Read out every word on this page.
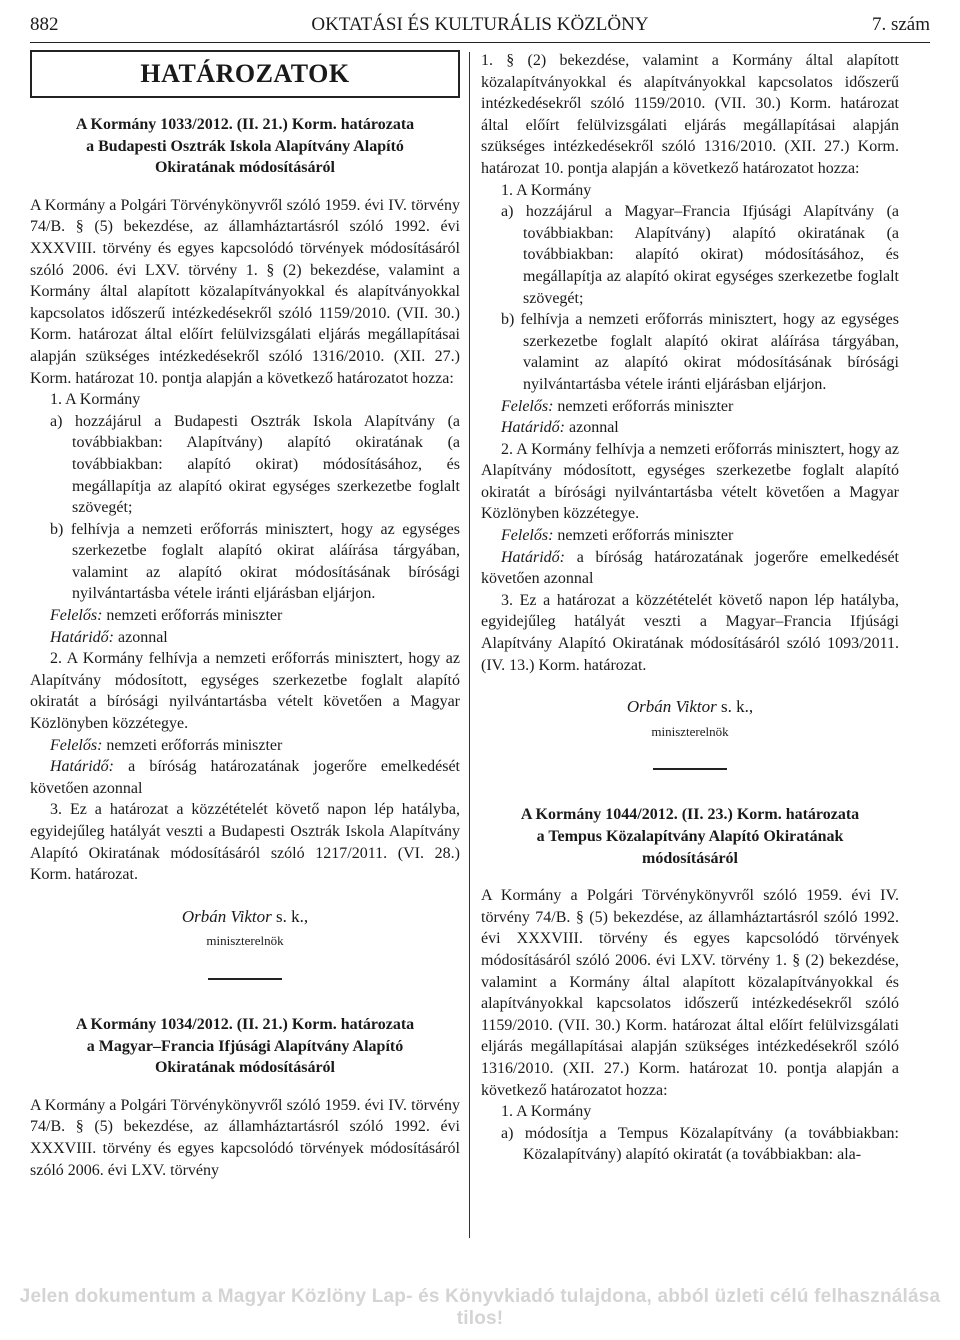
882	OKTATÁSI ÉS KULTURÁLIS KÖZLÖNY	7. szám
HATÁROZATOK
A Kormány 1033/2012. (II. 21.) Korm. határozata
a Budapesti Osztrák Iskola Alapítvány Alapító
Okiratának módosításáról

A Kormány a Polgári Törvénykönyvről szóló 1959. évi IV. törvény 74/B. § (5) bekezdése, az államháztartásról szóló 1992. évi XXXVIII. törvény és egyes kapcsolódó törvények módosításáról szóló 2006. évi LXV. törvény 1. § (2) bekezdése, valamint a Kormány által alapított közalapítványokkal és alapítványokkal kapcsolatos időszerű intézkedésekről szóló 1159/2010. (VII. 30.) Korm. határozat által előírt felülvizsgálati eljárás megállapításai alapján szükséges intézkedésekről szóló 1316/2010. (XII. 27.) Korm. határozat 10. pontja alapján a következő határozatot hozza:

1. A Kormány

a) hozzájárul a Budapesti Osztrák Iskola Alapítvány (a továbbiakban: Alapítvány) alapító okiratának (a továbbiakban: alapító okirat) módosításához, és megállapítja az alapító okirat egységes szerkezetbe foglalt szövegét;

b) felhívja a nemzeti erőforrás minisztert, hogy az egységes szerkezetbe foglalt alapító okirat aláírása tárgyában, valamint az alapító okirat módosításának bírósági nyilvántartásba vétele iránti eljárásban eljárjon.

Felelős: nemzeti erőforrás miniszter

Határidő: azonnal

2. A Kormány felhívja a nemzeti erőforrás minisztert, hogy az Alapítvány módosított, egységes szerkezetbe foglalt alapító okiratát a bírósági nyilvántartásba vételt követően a Magyar Közlönyben közzétegye.

Felelős: nemzeti erőforrás miniszter

Határidő: a bíróság határozatának jogerőre emelkedését követően azonnal

3. Ez a határozat a közzétételét követő napon lép hatályba, egyidejűleg hatályát veszti a Budapesti Osztrák Iskola Alapítvány Alapító Okiratának módosításáról szóló 1217/2011. (VI. 28.) Korm. határozat.

Orbán Viktor s. k.,
miniszterelnök
A Kormány 1034/2012. (II. 21.) Korm. határozata
a Magyar–Francia Ifjúsági Alapítvány Alapító
Okiratának módosításáról

A Kormány a Polgári Törvénykönyvről szóló 1959. évi IV. törvény 74/B. § (5) bekezdése, az államháztartásról szóló 1992. évi XXXVIII. törvény és egyes kapcsolódó törvények módosításáról szóló 2006. évi LXV. törvény

1. § (2) bekezdése, valamint a Kormány által alapított közalapítványokkal és alapítványokkal kapcsolatos időszerű intézkedésekről szóló 1159/2010. (VII. 30.) Korm. határozat által előírt felülvizsgálati eljárás megállapításai alapján szükséges intézkedésekről szóló 1316/2010. (XII. 27.) Korm. határozat 10. pontja alapján a következő határozatot hozza:

1. A Kormány

a) hozzájárul a Magyar–Francia Ifjúsági Alapítvány (a továbbiakban: Alapítvány) alapító okiratának (a továbbiakban: alapító okirat) módosításához, és megállapítja az alapító okirat egységes szerkezetbe foglalt szövegét;

b) felhívja a nemzeti erőforrás minisztert, hogy az egységes szerkezetbe foglalt alapító okirat aláírása tárgyában, valamint az alapító okirat módosításának bírósági nyilvántartásba vétele iránti eljárásban eljárjon.

Felelős: nemzeti erőforrás miniszter

Határidő: azonnal

2. A Kormány felhívja a nemzeti erőforrás minisztert, hogy az Alapítvány módosított, egységes szerkezetbe foglalt alapító okiratát a bírósági nyilvántartásba vételt követően a Magyar Közlönyben közzétegye.

Felelős: nemzeti erőforrás miniszter

Határidő: a bíróság határozatának jogerőre emelkedését követően azonnal

3. Ez a határozat a közzétételét követő napon lép hatályba, egyidejűleg hatályát veszti a Magyar–Francia Ifjúsági Alapítvány Alapító Okiratának módosításáról szóló 1093/2011. (IV. 13.) Korm. határozat.

Orbán Viktor s. k.,
miniszterelnök
A Kormány 1044/2012. (II. 23.) Korm. határozata
a Tempus Közalapítvány Alapító Okiratának
módosításáról

A Kormány a Polgári Törvénykönyvről szóló 1959. évi IV. törvény 74/B. § (5) bekezdése, az államháztartásról szóló 1992. évi XXXVIII. törvény és egyes kapcsolódó törvények módosításáról szóló 2006. évi LXV. törvény 1. § (2) bekezdése, valamint a Kormány által alapított közalapítványokkal és alapítványokkal kapcsolatos időszerű intézkedésekről szóló 1159/2010. (VII. 30.) Korm. határozat által előírt felülvizsgálati eljárás megállapításai alapján szükséges intézkedésekről szóló 1316/2010. (XII. 27.) Korm. határozat 10. pontja alapján a következő határozatot hozza:

1. A Kormány

a) módosítja a Tempus Közalapítvány (a továbbiakban: Közalapítvány) alapító okiratát (a továbbiakban: ala-

Jelen dokumentum a Magyar Közlöny Lap- és Könyvkiadó tulajdona, abból üzleti célú felhasználása tilos!
